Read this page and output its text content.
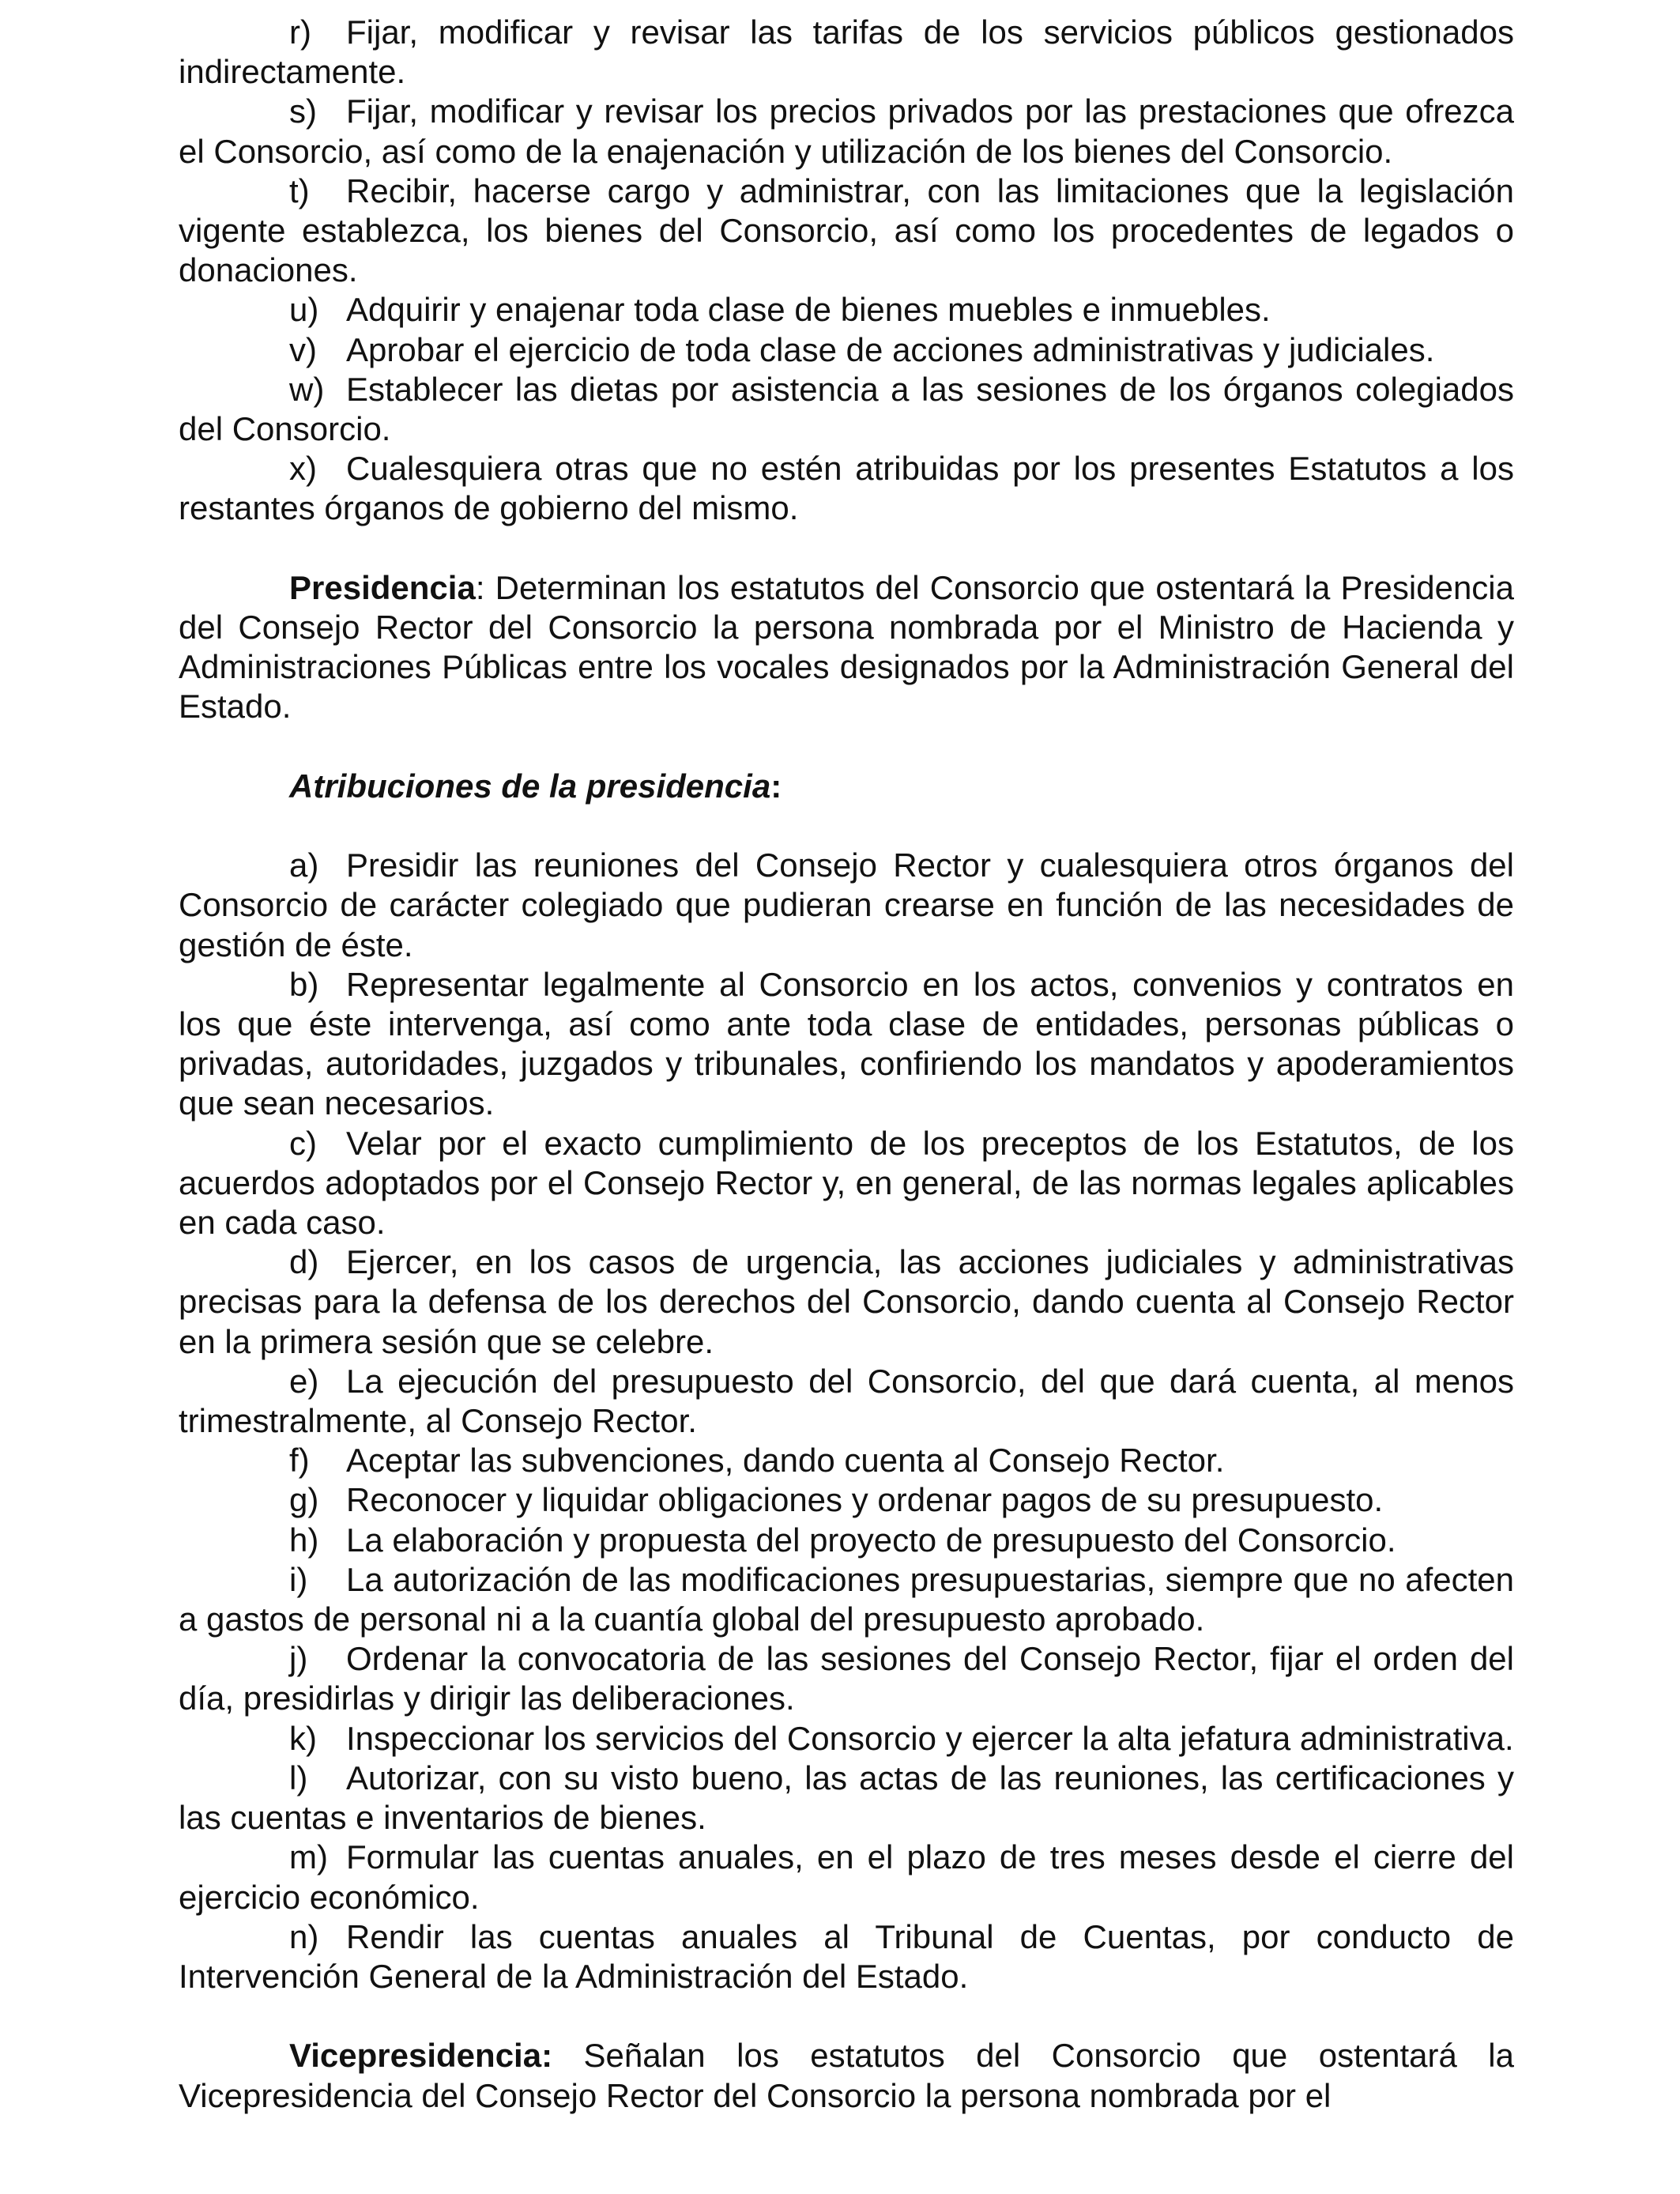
r) Fijar, modificar y revisar las tarifas de los servicios públicos gestionados indirectamente.

s) Fijar, modificar y revisar los precios privados por las prestaciones que ofrezca el Consorcio, así como de la enajenación y utilización de los bienes del Consorcio.

t) Recibir, hacerse cargo y administrar, con las limitaciones que la legislación vigente establezca, los bienes del Consorcio, así como los procedentes de legados o donaciones.

u) Adquirir y enajenar toda clase de bienes muebles e inmuebles.

v) Aprobar el ejercicio de toda clase de acciones administrativas y judiciales.

w) Establecer las dietas por asistencia a las sesiones de los órganos colegiados del Consorcio.

x) Cualesquiera otras que no estén atribuidas por los presentes Estatutos a los restantes órganos de gobierno del mismo.

Presidencia: Determinan los estatutos del Consorcio que ostentará la Presidencia del Consejo Rector del Consorcio la persona nombrada por el Ministro de Hacienda y Administraciones Públicas entre los vocales designados por la Administración General del Estado.

Atribuciones de la presidencia:

a) Presidir las reuniones del Consejo Rector y cualesquiera otros órganos del Consorcio de carácter colegiado que pudieran crearse en función de las necesidades de gestión de éste.

b) Representar legalmente al Consorcio en los actos, convenios y contratos en los que éste intervenga, así como ante toda clase de entidades, personas públicas o privadas, autoridades, juzgados y tribunales, confiriendo los mandatos y apoderamientos que sean necesarios.

c) Velar por el exacto cumplimiento de los preceptos de los Estatutos, de los acuerdos adoptados por el Consejo Rector y, en general, de las normas legales aplicables en cada caso.

d) Ejercer, en los casos de urgencia, las acciones judiciales y administrativas precisas para la defensa de los derechos del Consorcio, dando cuenta al Consejo Rector en la primera sesión que se celebre.

e) La ejecución del presupuesto del Consorcio, del que dará cuenta, al menos trimestralmente, al Consejo Rector.

f) Aceptar las subvenciones, dando cuenta al Consejo Rector.

g) Reconocer y liquidar obligaciones y ordenar pagos de su presupuesto.

h) La elaboración y propuesta del proyecto de presupuesto del Consorcio.

i) La autorización de las modificaciones presupuestarias, siempre que no afecten a gastos de personal ni a la cuantía global del presupuesto aprobado.

j) Ordenar la convocatoria de las sesiones del Consejo Rector, fijar el orden del día, presidirlas y dirigir las deliberaciones.

k) Inspeccionar los servicios del Consorcio y ejercer la alta jefatura administrativa.

l) Autorizar, con su visto bueno, las actas de las reuniones, las certificaciones y las cuentas e inventarios de bienes.

m) Formular las cuentas anuales, en el plazo de tres meses desde el cierre del ejercicio económico.

n) Rendir las cuentas anuales al Tribunal de Cuentas, por conducto de Intervención General de la Administración del Estado.

Vicepresidencia: Señalan los estatutos del Consorcio que ostentará la Vicepresidencia del Consejo Rector del Consorcio la persona nombrada por el
